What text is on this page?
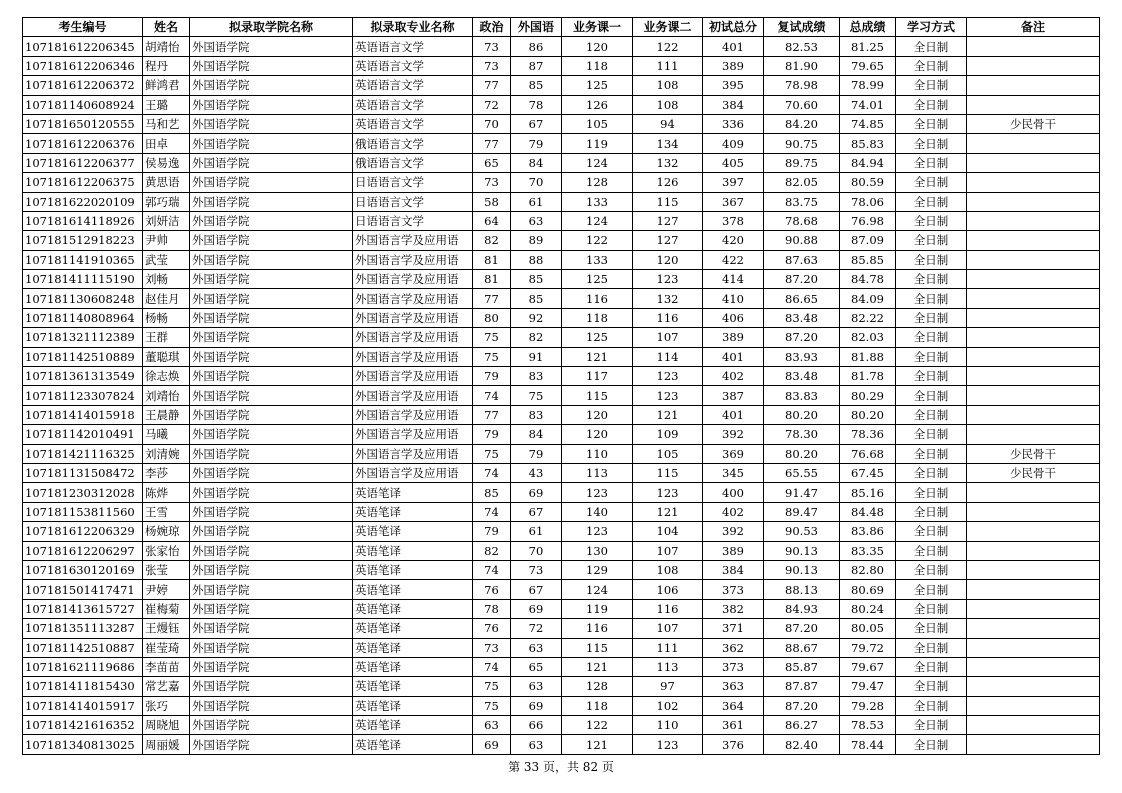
考生编号	姓名	拟录取学院名称	拟录取专业名称	政治	外国语	业务课一	业务课二	初试总分	复试成绩	总成绩	学习方式	备注
107181612206345	胡靖怡	外国语学院	英语语言文学	73	86	120	122	401	82.53	81.25	全日制	
107181612206346	程丹	外国语学院	英语语言文学	73	87	118	111	389	81.90	79.65	全日制	
107181612206372	鲜鸿君	外国语学院	英语语言文学	77	85	125	108	395	78.98	78.99	全日制	
107181140608924	王璐	外国语学院	英语语言文学	72	78	126	108	384	70.60	74.01	全日制	
107181650120555	马和艺	外国语学院	英语语言文学	70	67	105	94	336	84.20	74.85	全日制	少民骨干
107181612206376	田卓	外国语学院	俄语语言文学	77	79	119	134	409	90.75	85.83	全日制	
107181612206377	侯易逸	外国语学院	俄语语言文学	65	84	124	132	405	89.75	84.94	全日制	
107181612206375	黄思语	外国语学院	日语语言文学	73	70	128	126	397	82.05	80.59	全日制	
107181622020109	郭巧瑞	外国语学院	日语语言文学	58	61	133	115	367	83.75	78.06	全日制	
107181614118926	刘妍洁	外国语学院	日语语言文学	64	63	124	127	378	78.68	76.98	全日制	
107181512918223	尹帅	外国语学院	外国语言学及应用语	82	89	122	127	420	90.88	87.09	全日制	
107181141910365	武莹	外国语学院	外国语言学及应用语	81	88	133	120	422	87.63	85.85	全日制	
107181411115190	刘畅	外国语学院	外国语言学及应用语	81	85	125	123	414	87.20	84.78	全日制	
107181130608248	赵佳月	外国语学院	外国语言学及应用语	77	85	116	132	410	86.65	84.09	全日制	
107181140808964	杨畅	外国语学院	外国语言学及应用语	80	92	118	116	406	83.48	82.22	全日制	
107181321112389	王群	外国语学院	外国语言学及应用语	75	82	125	107	389	87.20	82.03	全日制	
107181142510889	董聪琪	外国语学院	外国语言学及应用语	75	91	121	114	401	83.93	81.88	全日制	
107181361313549	徐志焕	外国语学院	外国语言学及应用语	79	83	117	123	402	83.48	81.78	全日制	
107181123307824	刘靖怡	外国语学院	外国语言学及应用语	74	75	115	123	387	83.83	80.29	全日制	
107181414015918	王晨静	外国语学院	外国语言学及应用语	77	83	120	121	401	80.20	80.20	全日制	
107181142010491	马曦	外国语学院	外国语言学及应用语	79	84	120	109	392	78.30	78.36	全日制	
107181421116325	刘清婉	外国语学院	外国语言学及应用语	75	79	110	105	369	80.20	76.68	全日制	少民骨干
107181131508472	李莎	外国语学院	外国语言学及应用语	74	43	113	115	345	65.55	67.45	全日制	少民骨干
107181230312028	陈烨	外国语学院	英语笔译	85	69	123	123	400	91.47	85.16	全日制	
107181153811560	王雪	外国语学院	英语笔译	74	67	140	121	402	89.47	84.48	全日制	
107181612206329	杨婉琼	外国语学院	英语笔译	79	61	123	104	392	90.53	83.86	全日制	
107181612206297	张家怡	外国语学院	英语笔译	82	70	130	107	389	90.13	83.35	全日制	
107181630120169	张莹	外国语学院	英语笔译	74	73	129	108	384	90.13	82.80	全日制	
107181501417471	尹婷	外国语学院	英语笔译	76	67	124	106	373	88.13	80.69	全日制	
107181413615727	崔梅菊	外国语学院	英语笔译	78	69	119	116	382	84.93	80.24	全日制	
107181351113287	王熳钰	外国语学院	英语笔译	76	72	116	107	371	87.20	80.05	全日制	
107181142510887	崔莹琦	外国语学院	英语笔译	73	63	115	111	362	88.67	79.72	全日制	
107181621119686	李苗苗	外国语学院	英语笔译	74	65	121	113	373	85.87	79.67	全日制	
107181411815430	常艺嘉	外国语学院	英语笔译	75	63	128	97	363	87.87	79.47	全日制	
107181414015917	张巧	外国语学院	英语笔译	75	69	118	102	364	87.20	79.28	全日制	
107181421616352	周晓旭	外国语学院	英语笔译	63	66	122	110	361	86.27	78.53	全日制	
107181340813025	周丽媛	外国语学院	英语笔译	69	63	121	123	376	82.40	78.44	全日制	
第 33 页，共 82 页
